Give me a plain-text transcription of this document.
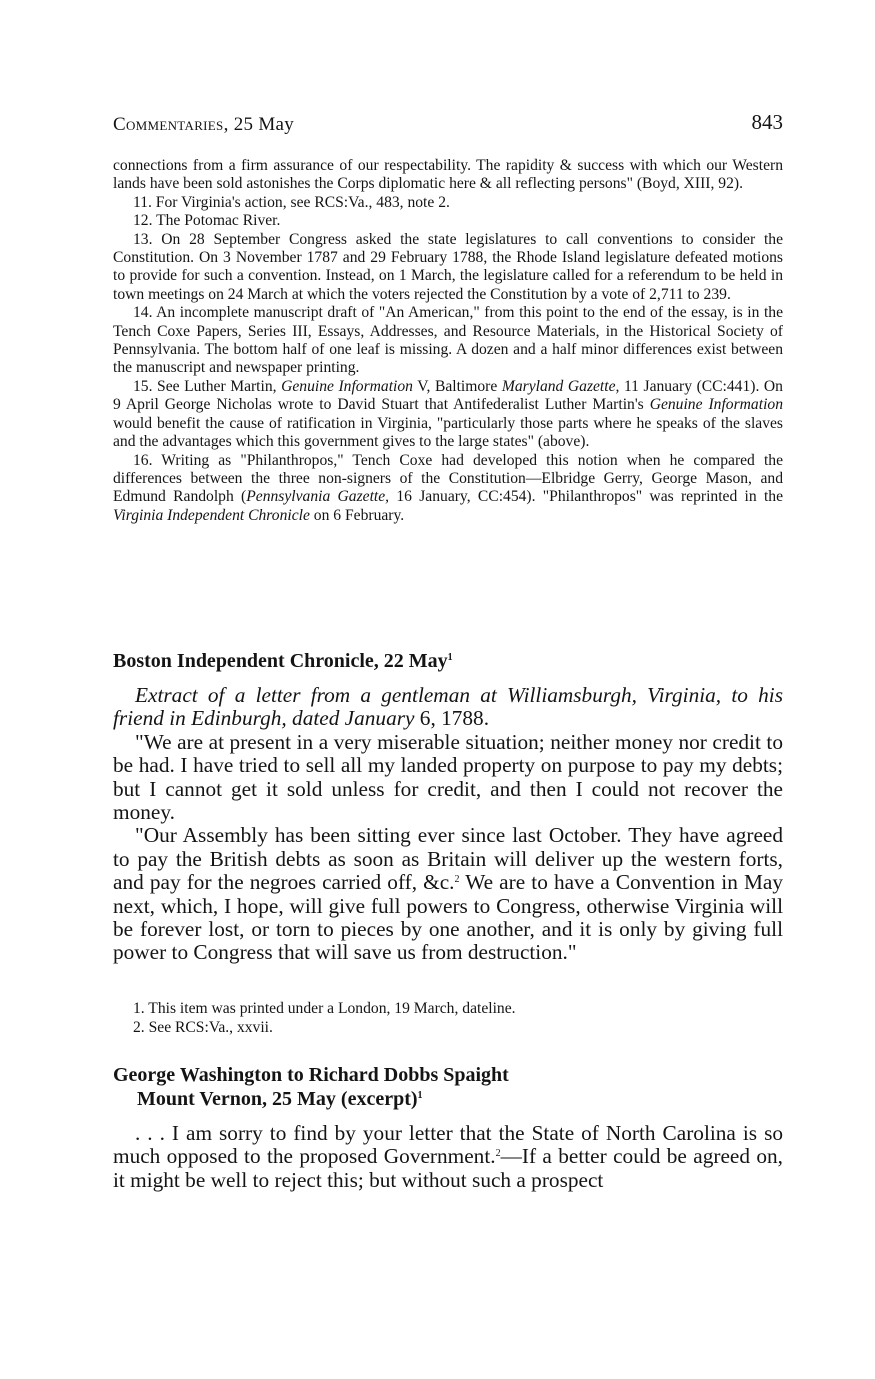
Commentaries, 25 May	843

connections from a firm assurance of our respectability. The rapidity & success with which our Western lands have been sold astonishes the Corps diplomatic here & all reflecting persons" (Boyd, XIII, 92).

11. For Virginia's action, see RCS:Va., 483, note 2.

12. The Potomac River.

13. On 28 September Congress asked the state legislatures to call conventions to consider the Constitution. On 3 November 1787 and 29 February 1788, the Rhode Island legislature defeated motions to provide for such a convention. Instead, on 1 March, the legislature called for a referendum to be held in town meetings on 24 March at which the voters rejected the Constitution by a vote of 2,711 to 239.

14. An incomplete manuscript draft of "An American," from this point to the end of the essay, is in the Tench Coxe Papers, Series III, Essays, Addresses, and Resource Materials, in the Historical Society of Pennsylvania. The bottom half of one leaf is missing. A dozen and a half minor differences exist between the manuscript and newspaper printing.

15. See Luther Martin, Genuine Information V, Baltimore Maryland Gazette, 11 January (CC:441). On 9 April George Nicholas wrote to David Stuart that Antifederalist Luther Martin's Genuine Information would benefit the cause of ratification in Virginia, "particularly those parts where he speaks of the slaves and the advantages which this government gives to the large states" (above).

16. Writing as "Philanthropos," Tench Coxe had developed this notion when he compared the differences between the three non-signers of the Constitution—Elbridge Gerry, George Mason, and Edmund Randolph (Pennsylvania Gazette, 16 January, CC:454). "Philanthropos" was reprinted in the Virginia Independent Chronicle on 6 February.

Boston Independent Chronicle, 22 May$^1$

Extract of a letter from a gentleman at Williamsburgh, Virginia, to his friend in Edinburgh, dated January 6, 1788.

"We are at present in a very miserable situation; neither money nor credit to be had. I have tried to sell all my landed property on purpose to pay my debts; but I cannot get it sold unless for credit, and then I could not recover the money.

"Our Assembly has been sitting ever since last October. They have agreed to pay the British debts as soon as Britain will deliver up the western forts, and pay for the negroes carried off, &c.$^2$ We are to have a Convention in May next, which, I hope, will give full powers to Congress, otherwise Virginia will be forever lost, or torn to pieces by one another, and it is only by giving full power to Congress that will save us from destruction."

1. This item was printed under a London, 19 March, dateline.

2. See RCS:Va., xxvii.

George Washington to Richard Dobbs Spaight
Mount Vernon, 25 May (excerpt)$^1$

. . . I am sorry to find by your letter that the State of North Carolina is so much opposed to the proposed Government.$^2$—If a better could be agreed on, it might be well to reject this; but without such a prospect
